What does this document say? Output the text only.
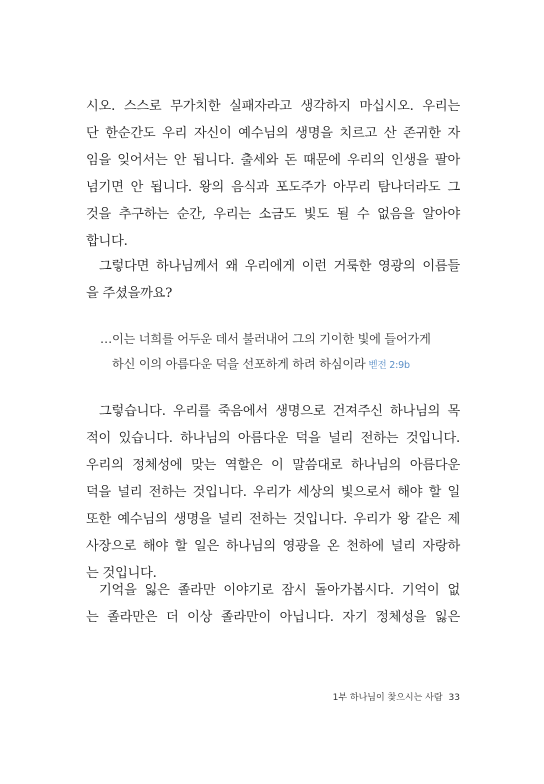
시오. 스스로 무가치한 실패자라고 생각하지 마십시오. 우리는
단 한순간도 우리 자신이 예수님의 생명을 치르고 산 존귀한 자
임을 잊어서는 안 됩니다. 출세와 돈 때문에 우리의 인생을 팔아
넘기면 안 됩니다. 왕의 음식과 포도주가 아무리 탐나더라도 그
것을 추구하는 순간, 우리는 소금도 빛도 될 수 없음을 알아야
합니다.
그렇다면 하나님께서 왜 우리에게 이런 거룩한 영광의 이름들
을 주셨을까요?
…이는 너희를 어두운 데서 불러내어 그의 기이한 빛에 들어가게
하신 이의 아름다운 덕을 선포하게 하려 하심이라 벧전 2:9b
그렇습니다. 우리를 죽음에서 생명으로 건져주신 하나님의 목
적이 있습니다. 하나님의 아름다운 덕을 널리 전하는 것입니다.
우리의 정체성에 맞는 역할은 이 말씀대로 하나님의 아름다운
덕을 널리 전하는 것입니다. 우리가 세상의 빛으로서 해야 할 일
또한 예수님의 생명을 널리 전하는 것입니다. 우리가 왕 같은 제
사장으로 해야 할 일은 하나님의 영광을 온 천하에 널리 자랑하
는 것입니다.
기억을 잃은 졸라만 이야기로 잠시 돌아가봅시다. 기억이 없
는 졸라만은 더 이상 졸라만이 아닙니다. 자기 정체성을 잃은
1부 하나님이 찾으시는 사람 33
